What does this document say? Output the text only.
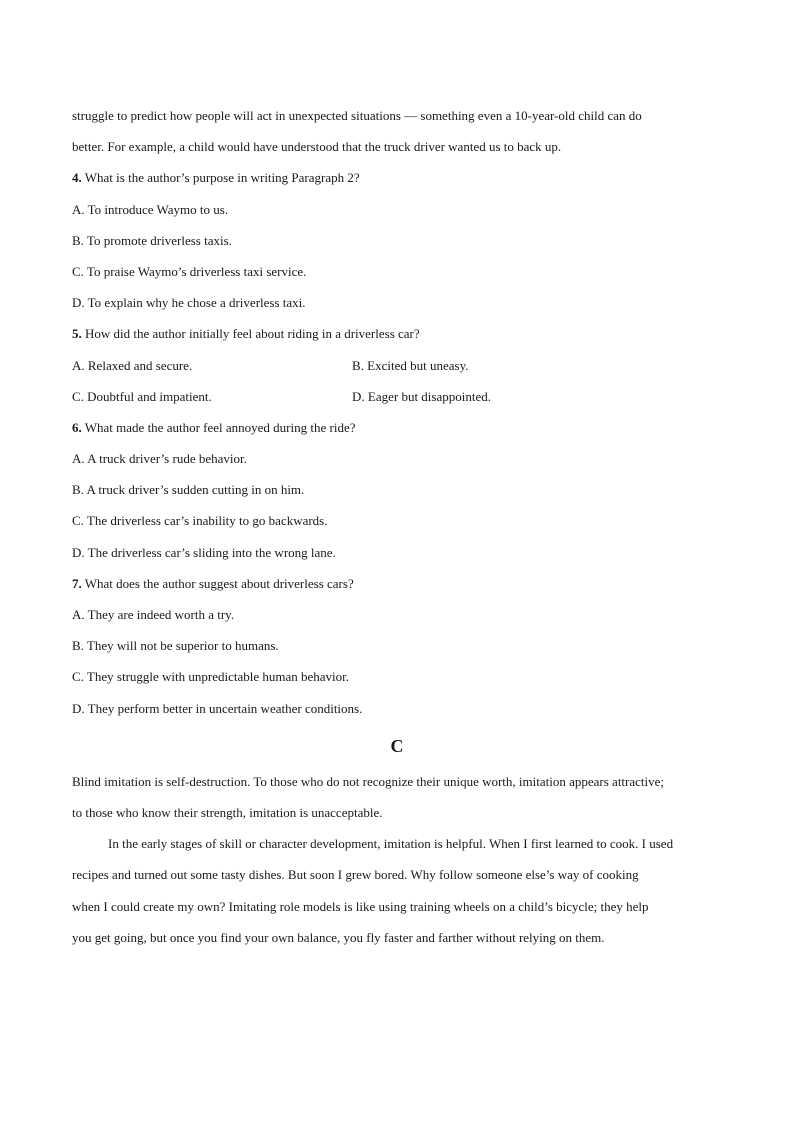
struggle to predict how people will act in unexpected situations — something even a 10-year-old child can do
better. For example, a child would have understood that the truck driver wanted us to back up.
4. What is the author’s purpose in writing Paragraph 2?
A. To introduce Waymo to us.
B. To promote driverless taxis.
C. To praise Waymo’s driverless taxi service.
D. To explain why he chose a driverless taxi.
5. How did the author initially feel about riding in a driverless car?
A. Relaxed and secure.	B. Excited but uneasy.
C. Doubtful and impatient.	D. Eager but disappointed.
6. What made the author feel annoyed during the ride?
A. A truck driver’s rude behavior.
B. A truck driver’s sudden cutting in on him.
C. The driverless car’s inability to go backwards.
D. The driverless car’s sliding into the wrong lane.
7. What does the author suggest about driverless cars?
A. They are indeed worth a try.
B. They will not be superior to humans.
C. They struggle with unpredictable human behavior.
D. They perform better in uncertain weather conditions.
C
Blind imitation is self-destruction. To those who do not recognize their unique worth, imitation appears attractive;
to those who know their strength, imitation is unacceptable.
In the early stages of skill or character development, imitation is helpful. When I first learned to cook. I used
recipes and turned out some tasty dishes. But soon I grew bored. Why follow someone else’s way of cooking
when I could create my own? Imitating role models is like using training wheels on a child’s bicycle; they help
you get going, but once you find your own balance, you fly faster and farther without relying on them.
